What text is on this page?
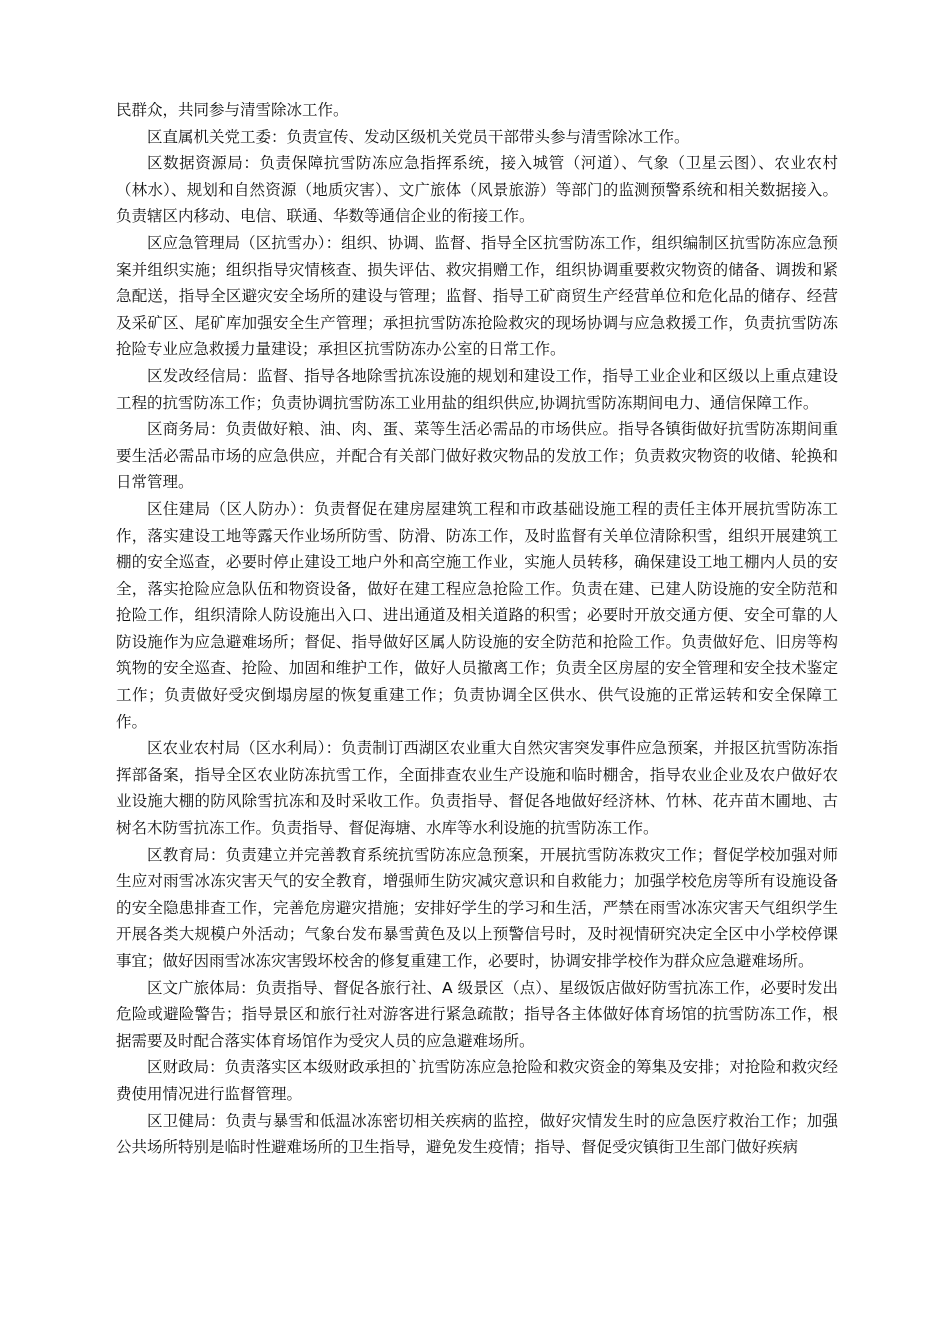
民群众，共同参与清雪除冰工作。

区直属机关党工委：负责宣传、发动区级机关党员干部带头参与清雪除冰工作。

区数据资源局：负责保障抗雪防冻应急指挥系统，接入城管（河道）、气象（卫星云图）、农业农村（林水）、规划和自然资源（地质灾害）、文广旅体（风景旅游）等部门的监测预警系统和相关数据接入。负责辖区内移动、电信、联通、华数等通信企业的衔接工作。

区应急管理局（区抗雪办）：组织、协调、监督、指导全区抗雪防冻工作，组织编制区抗雪防冻应急预案并组织实施；组织指导灾情核查、损失评估、救灾捐赠工作，组织协调重要救灾物资的储备、调拨和紧急配送，指导全区避灾安全场所的建设与管理；监督、指导工矿商贸生产经营单位和危化品的储存、经营及采矿区、尾矿库加强安全生产管理；承担抗雪防冻抢险救灾的现场协调与应急救援工作，负责抗雪防冻抢险专业应急救援力量建设；承担区抗雪防冻办公室的日常工作。

区发改经信局：监督、指导各地除雪抗冻设施的规划和建设工作，指导工业企业和区级以上重点建设工程的抗雪防冻工作；负责协调抗雪防冻工业用盐的组织供应,协调抗雪防冻期间电力、通信保障工作。

区商务局：负责做好粮、油、肉、蛋、菜等生活必需品的市场供应。指导各镇街做好抗雪防冻期间重要生活必需品市场的应急供应，并配合有关部门做好救灾物品的发放工作；负责救灾物资的收储、轮换和日常管理。

区住建局（区人防办）：负责督促在建房屋建筑工程和市政基础设施工程的责任主体开展抗雪防冻工作，落实建设工地等露天作业场所防雪、防滑、防冻工作，及时监督有关单位清除积雪，组织开展建筑工棚的安全巡查，必要时停止建设工地户外和高空施工作业，实施人员转移，确保建设工地工棚内人员的安全，落实抢险应急队伍和物资设备，做好在建工程应急抢险工作。负责在建、已建人防设施的安全防范和抢险工作，组织清除人防设施出入口、进出通道及相关道路的积雪；必要时开放交通方便、安全可靠的人防设施作为应急避难场所；督促、指导做好区属人防设施的安全防范和抢险工作。负责做好危、旧房等构筑物的安全巡查、抢险、加固和维护工作，做好人员撤离工作；负责全区房屋的安全管理和安全技术鉴定工作；负责做好受灾倒塌房屋的恢复重建工作；负责协调全区供水、供气设施的正常运转和安全保障工作。

区农业农村局（区水利局）：负责制订西湖区农业重大自然灾害突发事件应急预案，并报区抗雪防冻指挥部备案，指导全区农业防冻抗雪工作，全面排查农业生产设施和临时棚舍，指导农业企业及农户做好农业设施大棚的防风除雪抗冻和及时采收工作。负责指导、督促各地做好经济林、竹林、花卉苗木圃地、古树名木防雪抗冻工作。负责指导、督促海塘、水库等水利设施的抗雪防冻工作。

区教育局：负责建立并完善教育系统抗雪防冻应急预案，开展抗雪防冻救灾工作；督促学校加强对师生应对雨雪冰冻灾害天气的安全教育，增强师生防灾减灾意识和自救能力；加强学校危房等所有设施设备的安全隐患排查工作，完善危房避灾措施；安排好学生的学习和生活，严禁在雨雪冰冻灾害天气组织学生开展各类大规模户外活动；气象台发布暴雪黄色及以上预警信号时，及时视情研究决定全区中小学校停课事宜；做好因雨雪冰冻灾害毁坏校舍的修复重建工作，必要时，协调安排学校作为群众应急避难场所。

区文广旅体局：负责指导、督促各旅行社、A 级景区（点）、星级饭店做好防雪抗冻工作，必要时发出危险或避险警告；指导景区和旅行社对游客进行紧急疏散；指导各主体做好体育场馆的抗雪防冻工作，根据需要及时配合落实体育场馆作为受灾人员的应急避难场所。

区财政局：负责落实区本级财政承担的`抗雪防冻应急抢险和救灾资金的筹集及安排；对抢险和救灾经费使用情况进行监督管理。

区卫健局：负责与暴雪和低温冰冻密切相关疾病的监控，做好灾情发生时的应急医疗救治工作；加强公共场所特别是临时性避难场所的卫生指导，避免发生疫情；指导、督促受灾镇街卫生部门做好疾病
